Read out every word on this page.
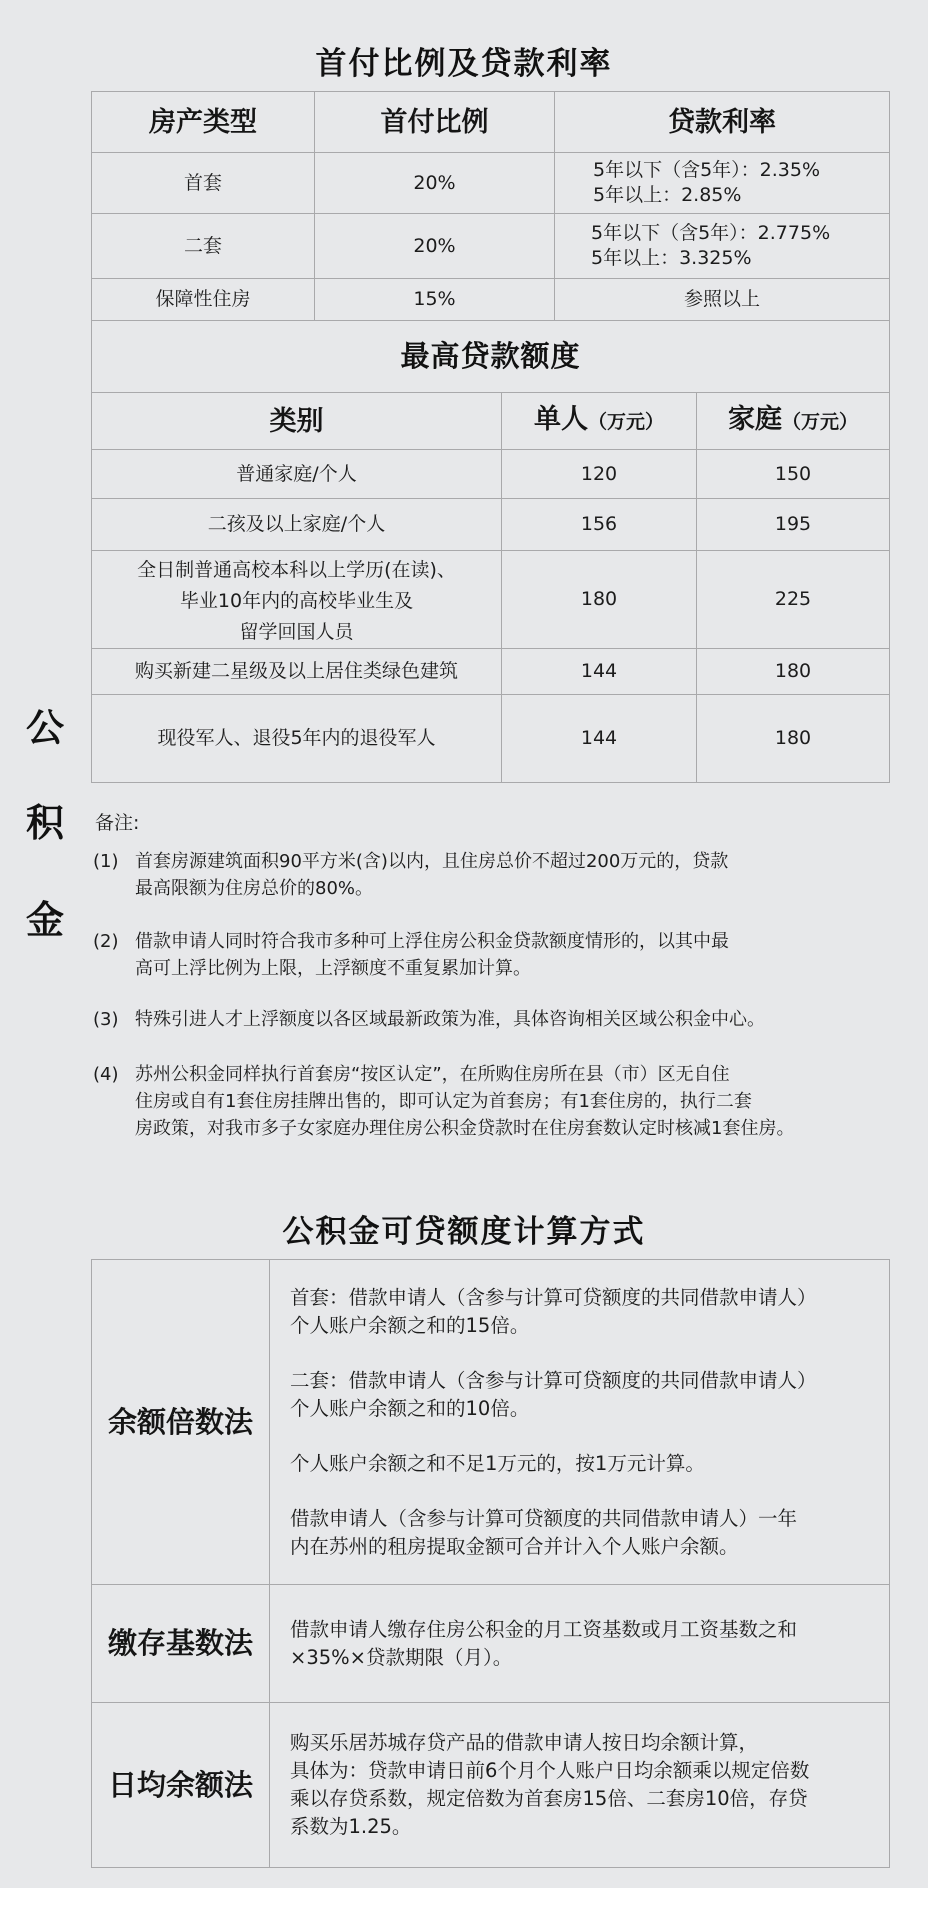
公
积
金
首付比例及贷款利率
房产类型	首付比例	贷款利率
首套	20%	5年以下（含5年）：2.35%
5年以上：2.85%

二套	20%	5年以下（含5年）：2.775%
5年以上：3.325%

保障性住房	15%	参照以上
最高贷款额度		
类别	单人（万元）	家庭（万元）
普通家庭/个人	120	150
二孩及以上家庭/个人	156	195

全日制普通高校本科以上学历(在读)、
毕业10年内的高校毕业生及
留学回国人员	180	225
购买新建二星级及以上居住类绿色建筑	144	180
现役军人、退役5年内的退役军人	144	180
备注:
(1) 首套房源建筑面积90平方米(含)以内，且住房总价不超过200万元的，贷款
最高限额为住房总价的80%。
(2) 借款申请人同时符合我市多种可上浮住房公积金贷款额度情形的，以其中最
高可上浮比例为上限，上浮额度不重复累加计算。
(3) 特殊引进人才上浮额度以各区域最新政策为准，具体咨询相关区域公积金中心。
(4) 苏州公积金同样执行首套房“按区认定”，在所购住房所在县（市）区无自住
住房或自有1套住房挂牌出售的，即可认定为首套房；有1套住房的，执行二套
房政策，对我市多子女家庭办理住房公积金贷款时在住房套数认定时核减1套住房。
公积金可贷额度计算方式
余额倍数法	
首套：借款申请人（含参与计算可贷额度的共同借款申请人）
个人账户余额之和的15倍。
二套：借款申请人（含参与计算可贷额度的共同借款申请人）
个人账户余额之和的10倍。
个人账户余额之和不足1万元的，按1万元计算。
借款申请人（含参与计算可贷额度的共同借款申请人）一年
内在苏州的租房提取金额可合并计入个人账户余额。

缴存基数法	借款申请人缴存住房公积金的月工资基数或月工资基数之和
×35%×贷款期限（月）。

日均余额法	购买乐居苏城存贷产品的借款申请人按日均余额计算，
具体为：贷款申请日前6个月个人账户日均余额乘以规定倍数
乘以存贷系数，规定倍数为首套房15倍、二套房10倍，存贷
系数为1.25。
